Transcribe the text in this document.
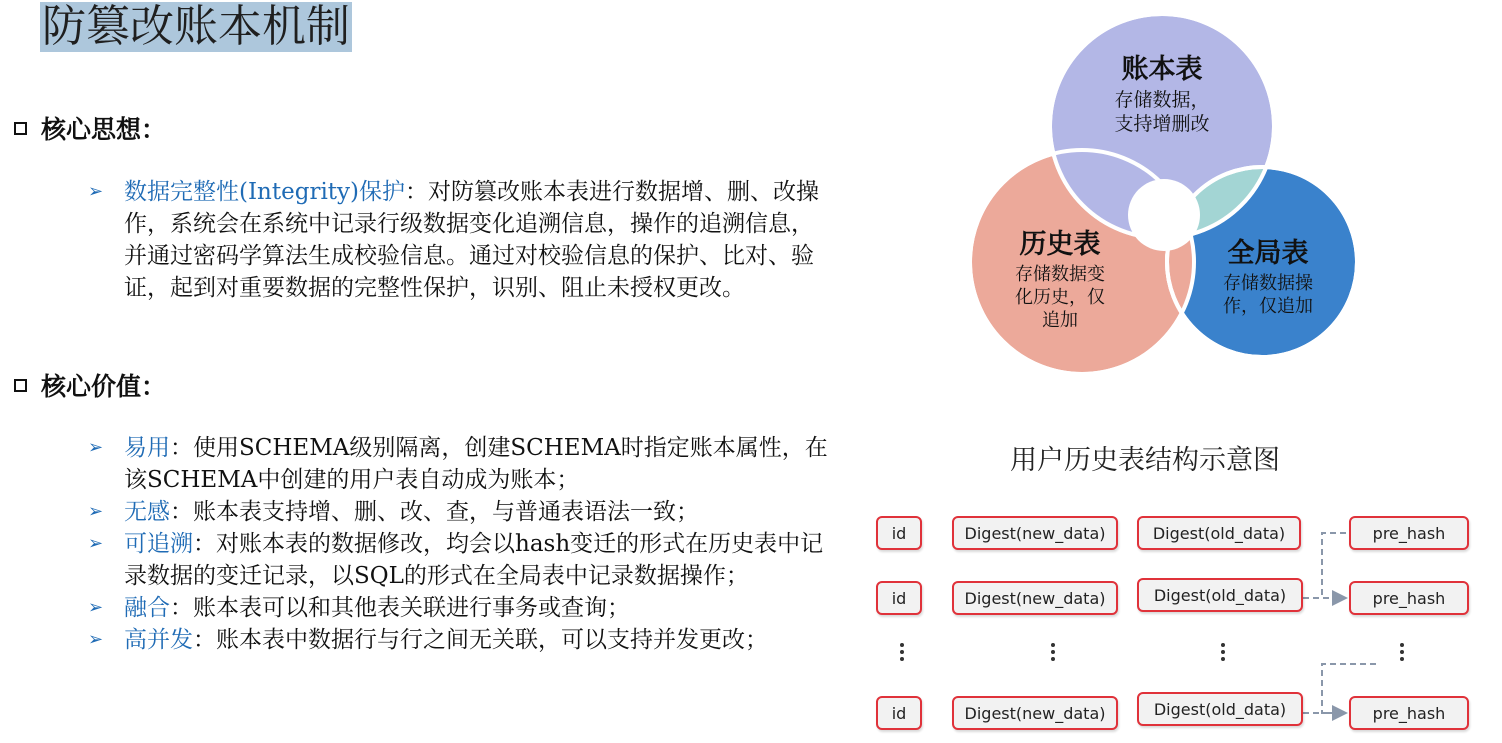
防篡改账本机制
核心思想：
➢ 数据完整性(Integrity)保护：对防篡改账本表进行数据增、删、改操作，系统会在系统中记录行级数据变化追溯信息，操作的追溯信息，并通过密码学算法生成校验信息。通过对校验信息的保护、比对、验证，起到对重要数据的完整性保护，识别、阻止未授权更改。
核心价值：
➢ 易用：使用SCHEMA级别隔离，创建SCHEMA时指定账本属性，在该SCHEMA中创建的用户表自动成为账本；
➢ 无感：账本表支持增、删、改、查，与普通表语法一致；
➢ 可追溯：对账本表的数据修改，均会以hash变迁的形式在历史表中记录数据的变迁记录，以SQL的形式在全局表中记录数据操作；
➢ 融合：账本表可以和其他表关联进行事务或查询；
➢ 高并发：账本表中数据行与行之间无关联，可以支持并发更改；
账本表
存储数据，
支持增删改
历史表
存储数据变
化历史，仅
追加
全局表
存储数据操
作，仅追加
用户历史表结构示意图
id	Digest(new_data)	Digest(old_data)	pre_hash
id	Digest(new_data)	Digest(old_data)	pre_hash
id	Digest(new_data)	Digest(old_data)	pre_hash
